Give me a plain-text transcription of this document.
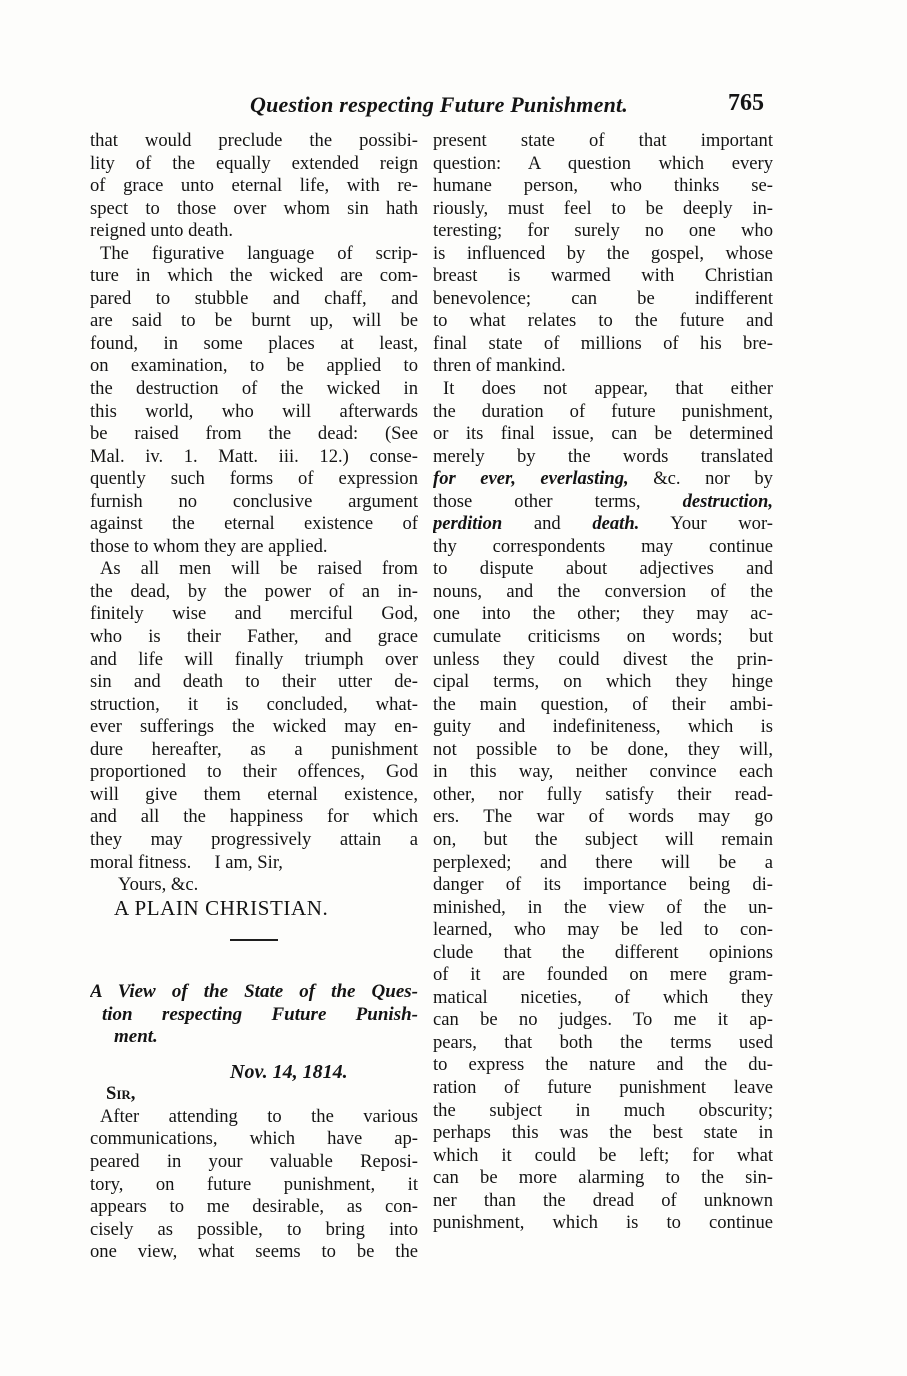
Question respecting Future Punishment.	765
that would preclude the possibi-
lity of the equally extended reign
of grace unto eternal life, with re-
spect to those over whom sin hath
reigned unto death.
The figurative language of scrip-
ture in which the wicked are com-
pared to stubble and chaff, and
are said to be burnt up, will be
found, in some places at least,
on examination, to be applied to
the destruction of the wicked in
this world, who will afterwards
be raised from the dead: (See
Mal. iv. 1. Matt. iii. 12.) conse-
quently such forms of expression
furnish no conclusive argument
against the eternal existence of
those to whom they are applied.
As all men will be raised from
the dead, by the power of an in-
finitely wise and merciful God,
who is their Father, and grace
and life will finally triumph over
sin and death to their utter de-
struction, it is concluded, what-
ever sufferings the wicked may en-
dure hereafter, as a punishment
proportioned to their offences, God
will give them eternal existence,
and all the happiness for which
they may progressively attain a
moral fitness.     I am, Sir,
Yours, &c.
A PLAIN CHRISTIAN.
A View of the State of the Ques-
tion respecting Future Punish-
ment.
Nov. 14, 1814.
Sir,
After attending to the various
communications, which have ap-
peared in your valuable Reposi-
tory, on future punishment, it
appears to me desirable, as con-
cisely as possible, to bring into
one view, what seems to be the
present state of that important
question: A question which every
humane person, who thinks se-
riously, must feel to be deeply in-
teresting; for surely no one who
is influenced by the gospel, whose
breast is warmed with Christian
benevolence; can be indifferent
to what relates to the future and
final state of millions of his bre-
thren of mankind.
It does not appear, that either
the duration of future punishment,
or its final issue, can be determined
merely by the words translated
for ever, everlasting, &c. nor by
those other terms, destruction,
perdition and death. Your wor-
thy correspondents may continue
to dispute about adjectives and
nouns, and the conversion of the
one into the other; they may ac-
cumulate criticisms on words; but
unless they could divest the prin-
cipal terms, on which they hinge
the main question, of their ambi-
guity and indefiniteness, which is
not possible to be done, they will,
in this way, neither convince each
other, nor fully satisfy their read-
ers. The war of words may go
on, but the subject will remain
perplexed; and there will be a
danger of its importance being di-
minished, in the view of the un-
learned, who may be led to con-
clude that the different opinions
of it are founded on mere gram-
matical niceties, of which they
can be no judges. To me it ap-
pears, that both the terms used
to express the nature and the du-
ration of future punishment leave
the subject in much obscurity;
perhaps this was the best state in
which it could be left; for what
can be more alarming to the sin-
ner than the dread of unknown
punishment, which is to continue
